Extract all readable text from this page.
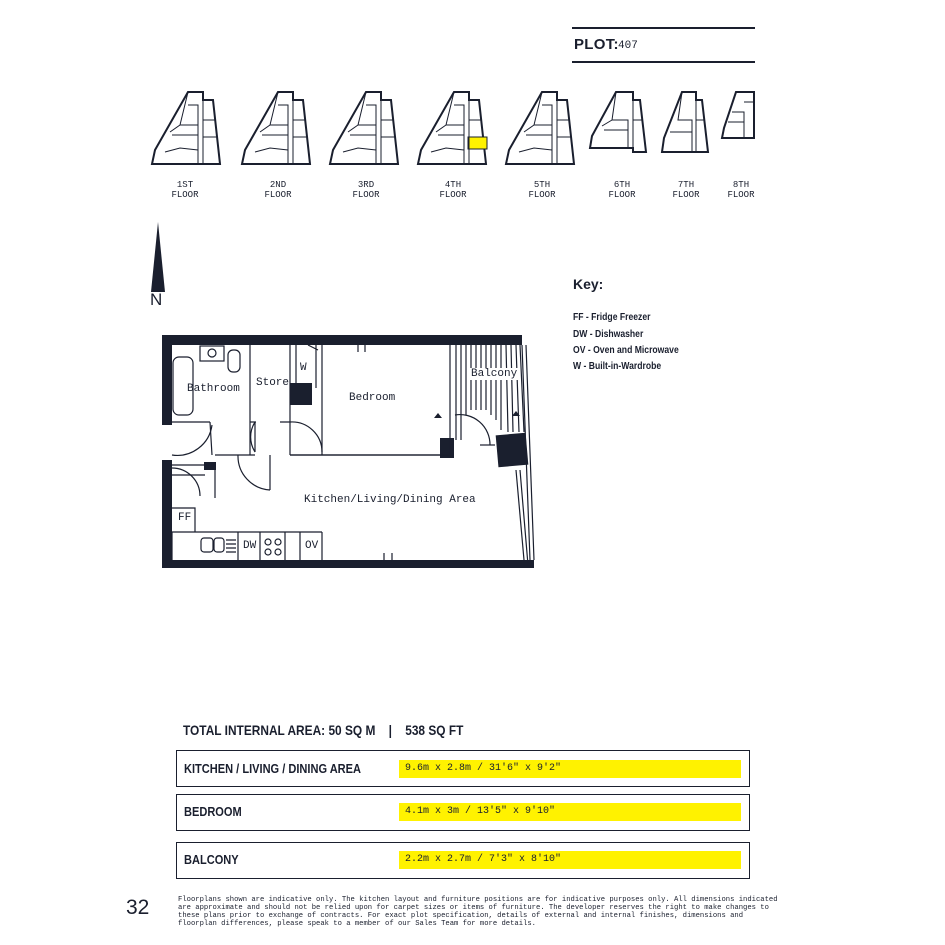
PLOT: 407
1ST
FLOOR
2ND
FLOOR
3RD
FLOOR
4TH
FLOOR
5TH
FLOOR
6TH
FLOOR
7TH
FLOOR
8TH
FLOOR
N
Key:
FF - Fridge Freezer
DW - Dishwasher
OV - Oven and Microwave
W - Built-in-Wardrobe
Bathroom Store
W
Bedroom
Balcony
Kitchen/Living/Dining Area
FF
DW	OV
TOTAL INTERNAL AREA: 50 SQ M | 538 SQ FT
KITCHEN / LIVING / DINING AREA	9.6m x 2.8m / 31'6" x 9'2"
BEDROOM	4.1m x 3m / 13'5" x 9'10"
BALCONY	2.2m x 2.7m / 7'3" x 8'10"
32	Floorplans shown are indicative only. The kitchen layout and furniture positions are for indicative purposes only. All dimensions indicated are approximate and should not be relied upon for carpet sizes or items of furniture. The developer reserves the right to make changes to these plans prior to exchange of contracts. For exact plot specification, details of external and internal finishes, dimensions and floorplan differences, please speak to a member of our Sales Team for more details.
